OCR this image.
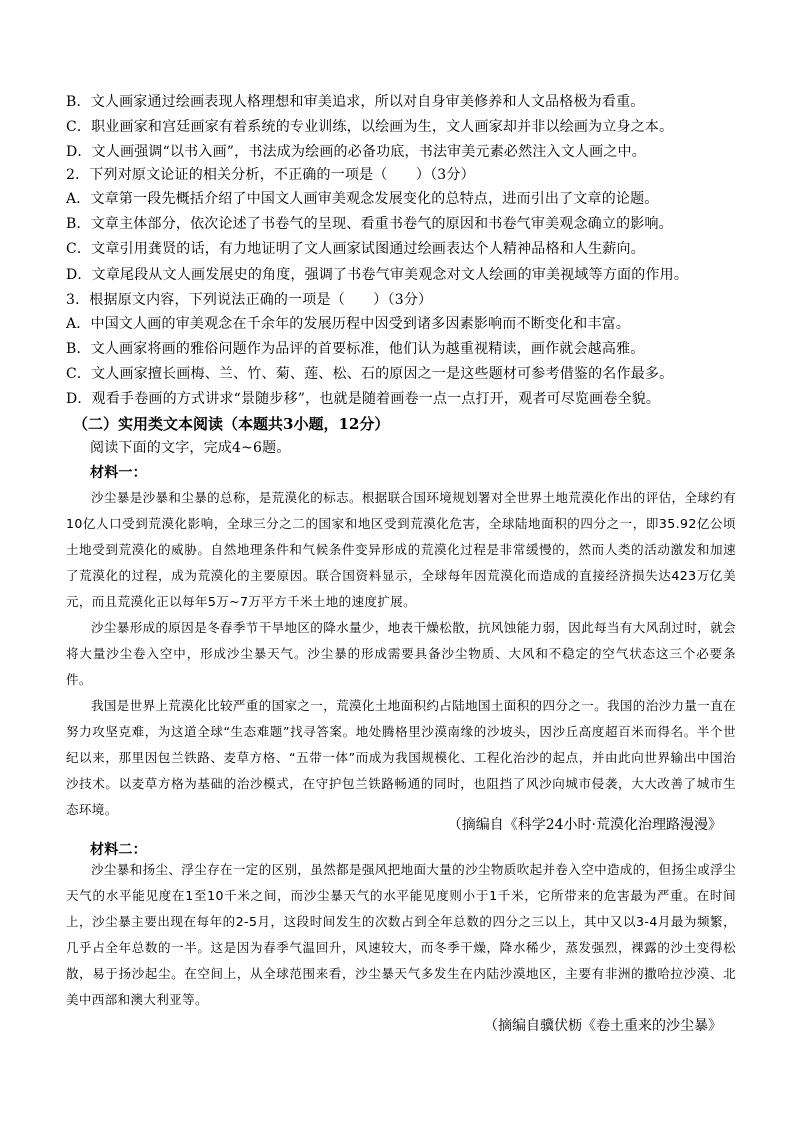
B．文人画家通过绘画表现人格理想和审美追求，所以对自身审美修养和人文品格极为看重。
C．职业画家和宫廷画家有着系统的专业训练，以绘画为生，文人画家却并非以绘画为立身之本。
D．文人画强调“以书入画”，书法成为绘画的必备功底，书法审美元素必然注入文人画之中。
2．下列对原文论证的相关分析，不正确的一项是（　　）（3分）
A．文章第一段先概括介绍了中国文人画审美观念发展变化的总特点，进而引出了文章的论题。
B．文章主体部分，依次论述了书卷气的呈现、看重书卷气的原因和书卷气审美观念确立的影响。
C．文章引用龚贤的话，有力地证明了文人画家试图通过绘画表达个人精神品格和人生薪向。
D．文章尾段从文人画发展史的角度，强调了书卷气审美观念对文人绘画的审美视域等方面的作用。
3．根据原文内容，下列说法正确的一项是（　　）（3分）
A．中国文人画的审美观念在千余年的发展历程中因受到诸多因素影响而不断变化和丰富。
B．文人画家将画的雅俗问题作为品评的首要标准，他们认为越重视精读，画作就会越高雅。
C．文人画家擅长画梅、兰、竹、菊、莲、松、石的原因之一是这些题材可参考借鉴的名作最多。
D．观看手卷画的方式讲求“景随步移”，也就是随着画卷一点一点打开，观者可尽览画卷全貌。
（二）实用类文本阅读（本题共3小题，12分）
阅读下面的文字，完成4~6题。
材料一：

沙尘暴是沙暴和尘暴的总称，是荒漠化的标志。根据联合国环境规划署对全世界土地荒漠化作出的评估，全球约有10亿人口受到荒漠化影响，全球三分之二的国家和地区受到荒漠化危害，全球陆地面积的四分之一，即35.92亿公顷土地受到荒漠化的威胁。自然地理条件和气候条件变异形成的荒漠化过程是非常缓慢的，然而人类的活动激发和加速了荒漠化的过程，成为荒漠化的主要原因。联合国资料显示，全球每年因荒漠化而造成的直接经济损失达423万亿美元，而且荒漠化正以每年5万~7万平方千米土地的速度扩展。

沙尘暴形成的原因是冬春季节干旱地区的降水量少，地表干燥松散，抗风蚀能力弱，因此每当有大风刮过时，就会将大量沙尘卷入空中，形成沙尘暴天气。沙尘暴的形成需要具备沙尘物质、大风和不稳定的空气状态这三个必要条件。

我国是世界上荒漠化比较严重的国家之一，荒漠化土地面积约占陆地国土面积的四分之一。我国的治沙力量一直在努力攻坚克难，为这道全球“生态难题”找寻答案。地处腾格里沙漠南缘的沙坡头，因沙丘高度超百米而得名。半个世纪以来，那里因包兰铁路、麦草方格、“五带一体”而成为我国规模化、工程化治沙的起点，并由此向世界输出中国治沙技术。以麦草方格为基础的治沙模式，在守护包兰铁路畅通的同时，也阻挡了风沙向城市侵袭，大大改善了城市生态环境。

（摘编自《科学24小时·荒漠化治理路漫漫》
材料二：

沙尘暴和扬尘、浮尘存在一定的区别，虽然都是强风把地面大量的沙尘物质吹起并卷入空中造成的，但扬尘或浮尘天气的水平能见度在1至10千米之间，而沙尘暴天气的水平能见度则小于1千米，它所带来的危害最为严重。在时间上，沙尘暴主要出现在每年的2-5月，这段时间发生的次数占到全年总数的四分之三以上，其中又以3-4月最为频繁，几乎占全年总数的一半。这是因为春季气温回升，风速较大，而冬季干燥，降水稀少，蒸发强烈，裸露的沙土变得松散，易于扬沙起尘。在空间上，从全球范围来看，沙尘暴天气多发生在内陆沙漠地区，主要有非洲的撒哈拉沙漠、北美中西部和澳大利亚等。

（摘编自骥伏枥《卷土重来的沙尘暴》
